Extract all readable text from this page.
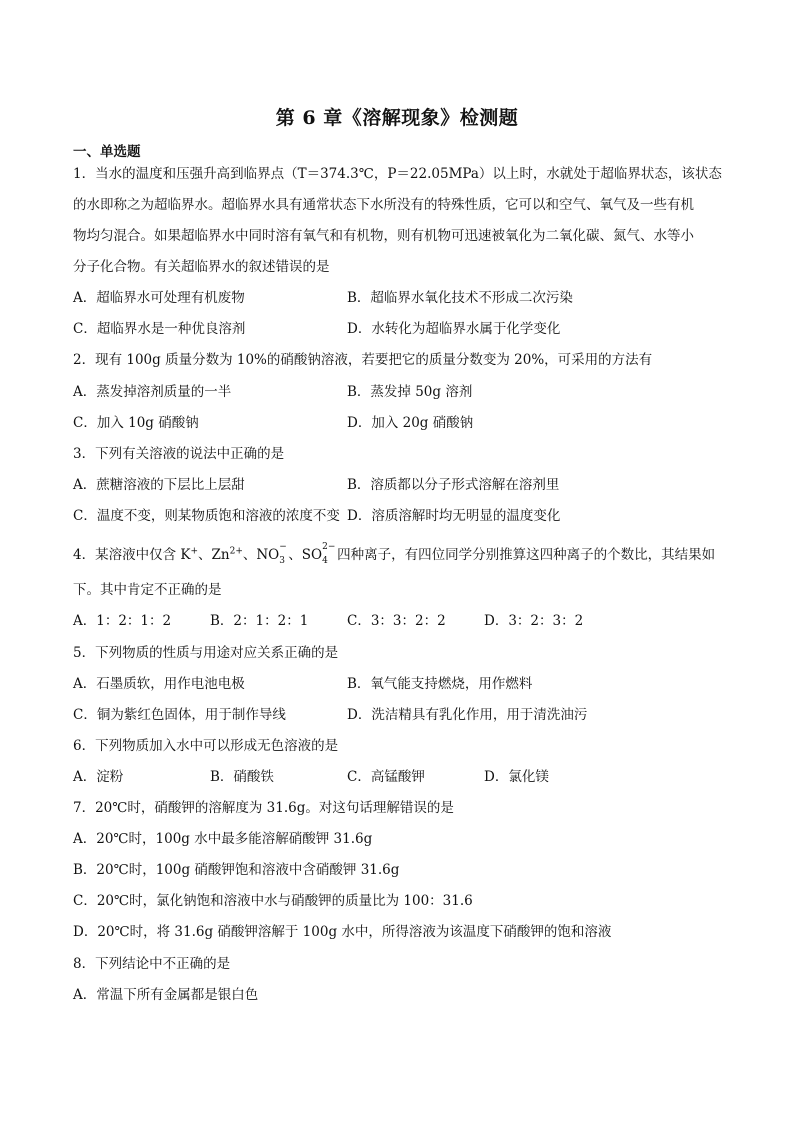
第 6 章《溶解现象》检测题
一、单选题
1．当水的温度和压强升高到临界点（T＝374.3℃，P＝22.05MPa）以上时，水就处于超临界状态，该状态
的水即称之为超临界水。超临界水具有通常状态下水所没有的特殊性质，它可以和空气、氧气及一些有机
物均匀混合。如果超临界水中同时溶有氧气和有机物，则有机物可迅速被氧化为二氧化碳、氮气、水等小
分子化合物。有关超临界水的叙述错误的是
A．超临界水可处理有机废物	B．超临界水氧化技术不形成二次污染
C．超临界水是一种优良溶剂	D．水转化为超临界水属于化学变化
2．现有 100g 质量分数为 10%的硝酸钠溶液，若要把它的质量分数变为 20%，可采用的方法有
A．蒸发掉溶剂质量的一半	B．蒸发掉 50g 溶剂
C．加入 10g 硝酸钠	D．加入 20g 硝酸钠
3．下列有关溶液的说法中正确的是
A．蔗糖溶液的下层比上层甜	B．溶质都以分子形式溶解在溶剂里
C．温度不变，则某物质饱和溶液的浓度不变 D．溶质溶解时均无明显的温度变化
4．某溶液中仅含 K+、$Zn^{2+}$、NO −
3 、SO 2−
4 四种离子，有四位同学分别推算这四种离子的个数比，其结果如
下。其中肯定不正确的是
A．1：2：1：2	B．2：1：2：1	C．3：3：2：2	D．3：2：3：2
5．下列物质的性质与用途对应关系正确的是
A．石墨质软，用作电池电极	B．氧气能支持燃烧，用作燃料
C．铜为紫红色固体，用于制作导线	D．洗洁精具有乳化作用，用于清洗油污
6．下列物质加入水中可以形成无色溶液的是
A．淀粉	B．硝酸铁	C．高锰酸钾	D．氯化镁
7．20℃时，硝酸钾的溶解度为 31.6g。对这句话理解错误的是
A．20℃时，100g 水中最多能溶解硝酸钾 31.6g
B．20℃时，100g 硝酸钾饱和溶液中含硝酸钾 31.6g
C．20℃时，氯化钠饱和溶液中水与硝酸钾的质量比为 100：31.6
D．20℃时，将 31.6g 硝酸钾溶解于 100g 水中，所得溶液为该温度下硝酸钾的饱和溶液
8．下列结论中不正确的是
A．常温下所有金属都是银白色
